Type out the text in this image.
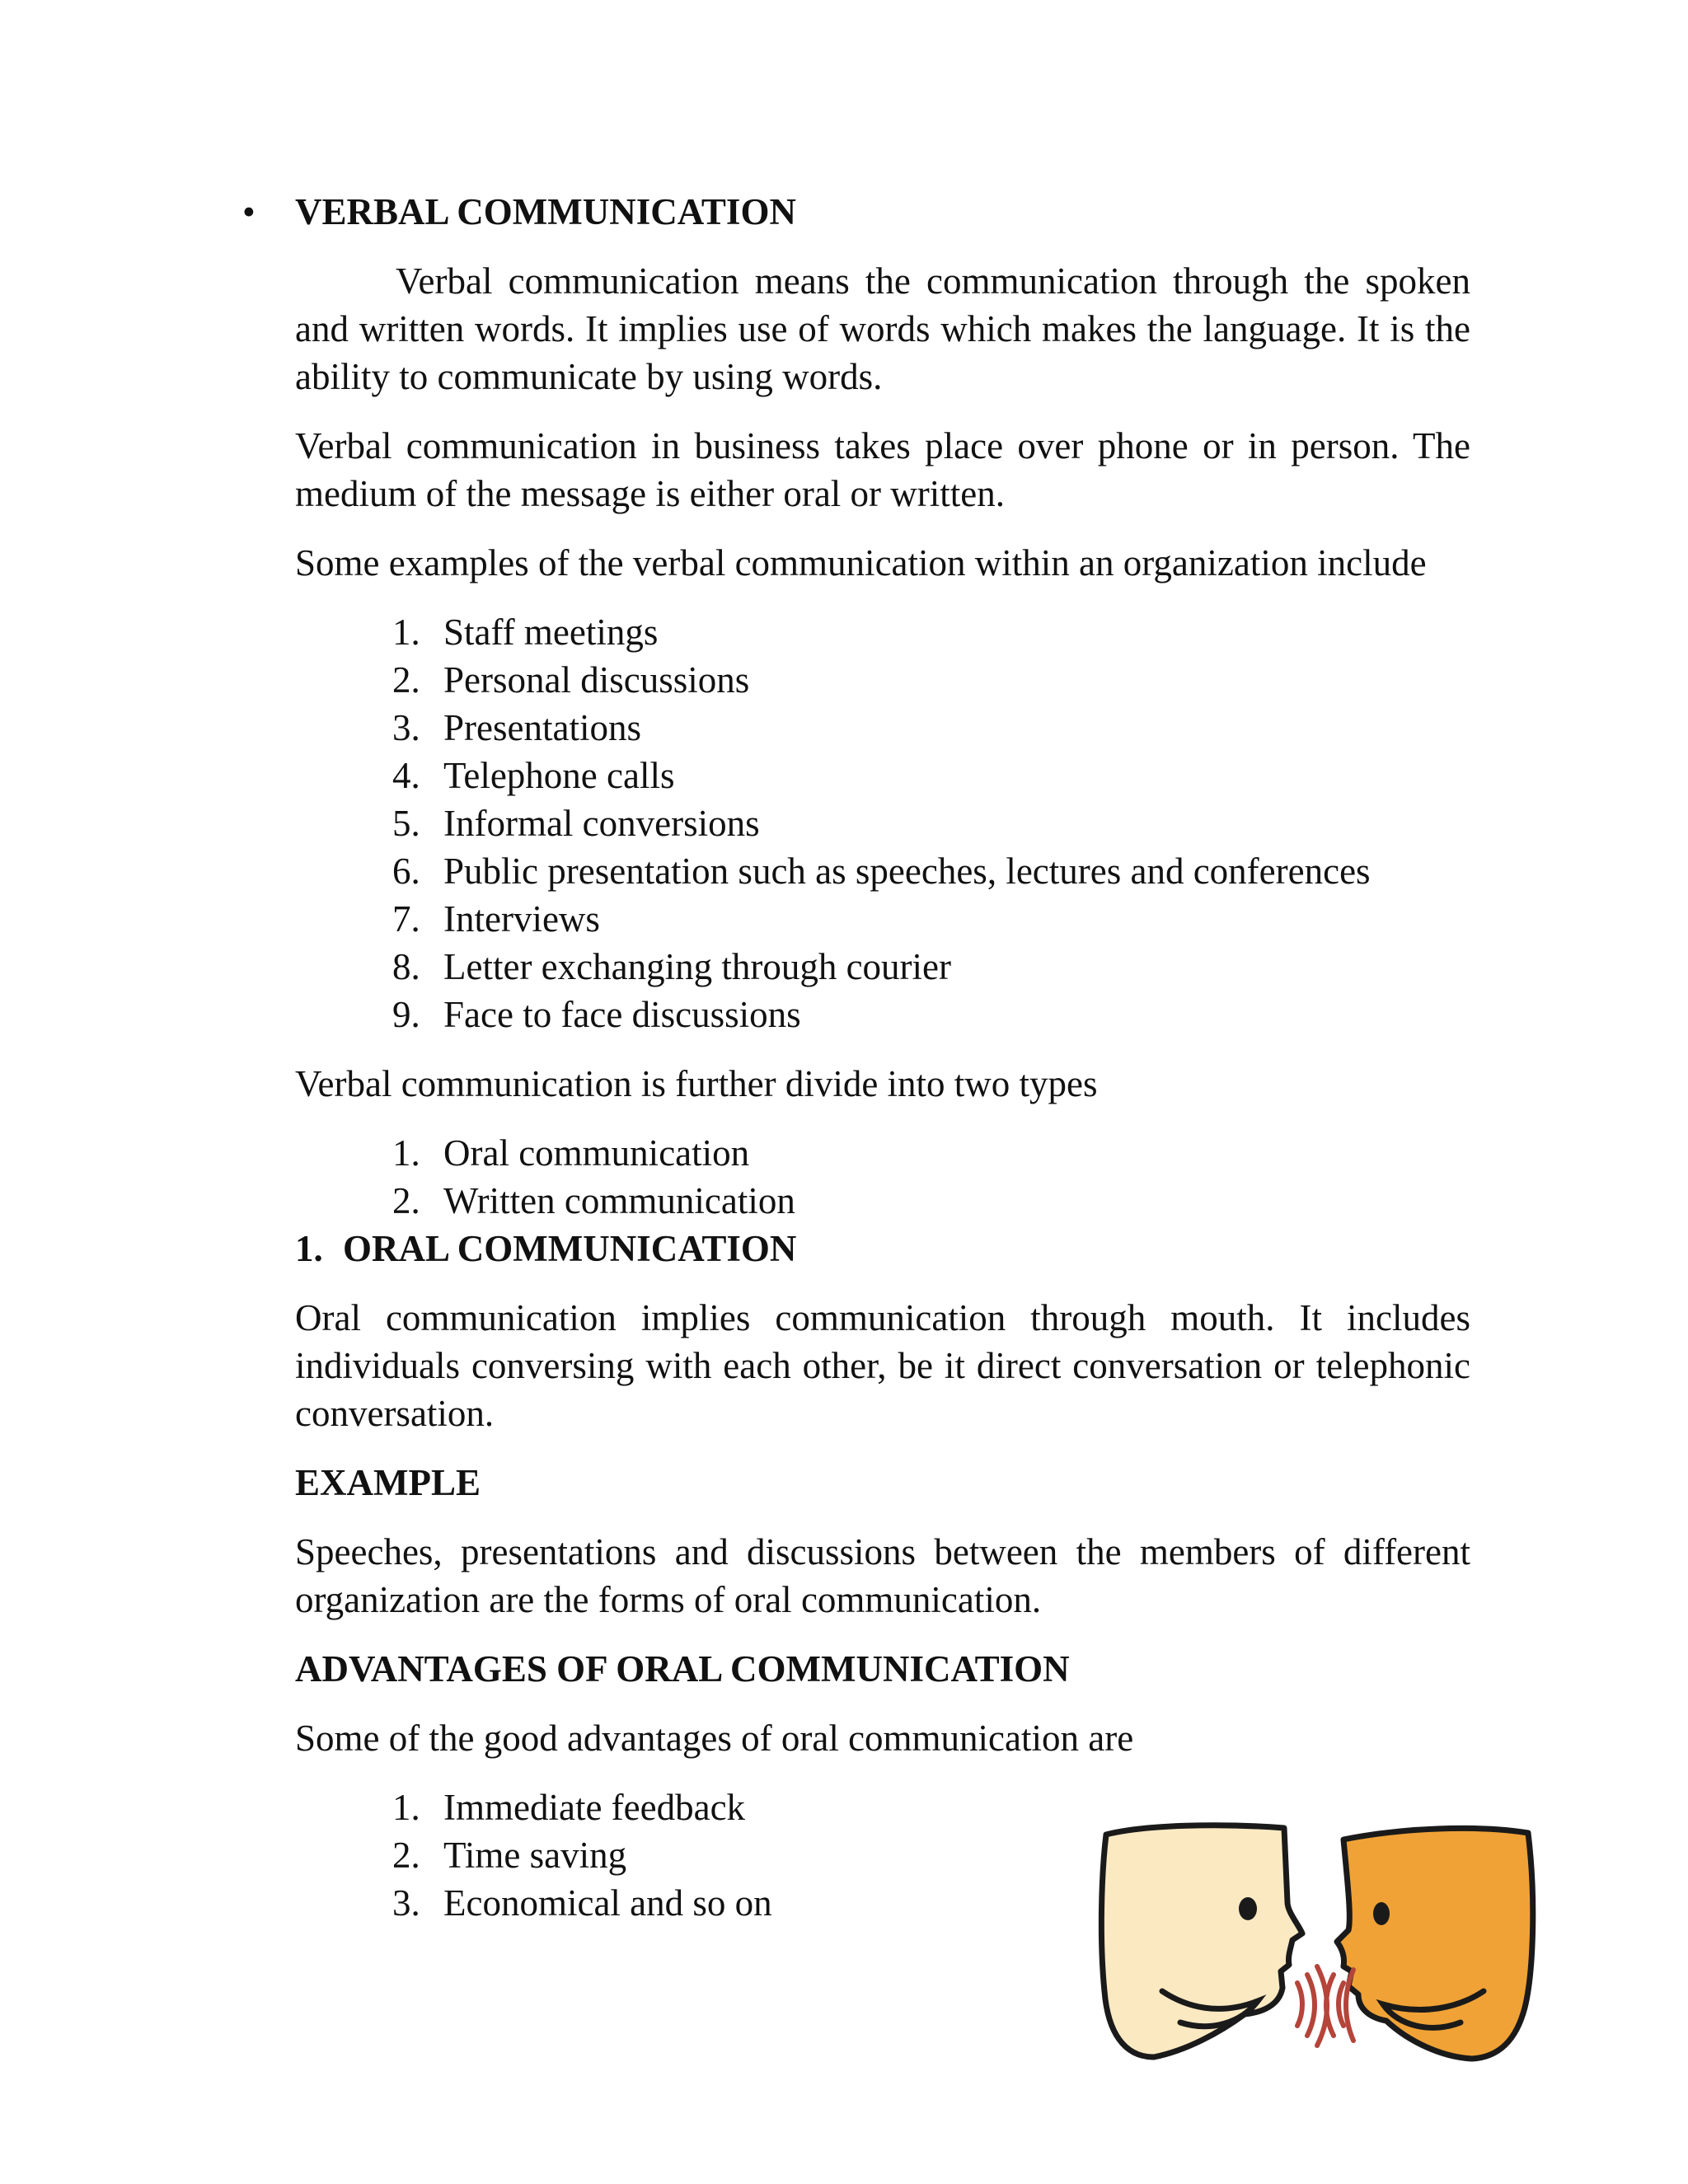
• VERBAL COMMUNICATION

Verbal communication means the communication through the spoken and written words. It implies use of words which makes the language. It is the ability to communicate by using words.

Verbal communication in business takes place over phone or in person. The medium of the message is either oral or written.

Some examples of the verbal communication within an organization include

1. Staff meetings
2. Personal discussions
3. Presentations
4. Telephone calls
5. Informal conversions
6. Public presentation such as speeches, lectures and conferences
7. Interviews
8. Letter exchanging through courier
9. Face to face discussions

Verbal communication is further divide into two types

1. Oral communication
2. Written communication
1. ORAL COMMUNICATION

Oral communication implies communication through mouth. It includes individuals conversing with each other, be it direct conversation or telephonic conversation.

EXAMPLE

Speeches, presentations and discussions between the members of different organization are the forms of oral communication.

ADVANTAGES OF ORAL COMMUNICATION

Some of the good advantages of oral communication are

1. Immediate feedback
2. Time saving
3. Economical and so on
